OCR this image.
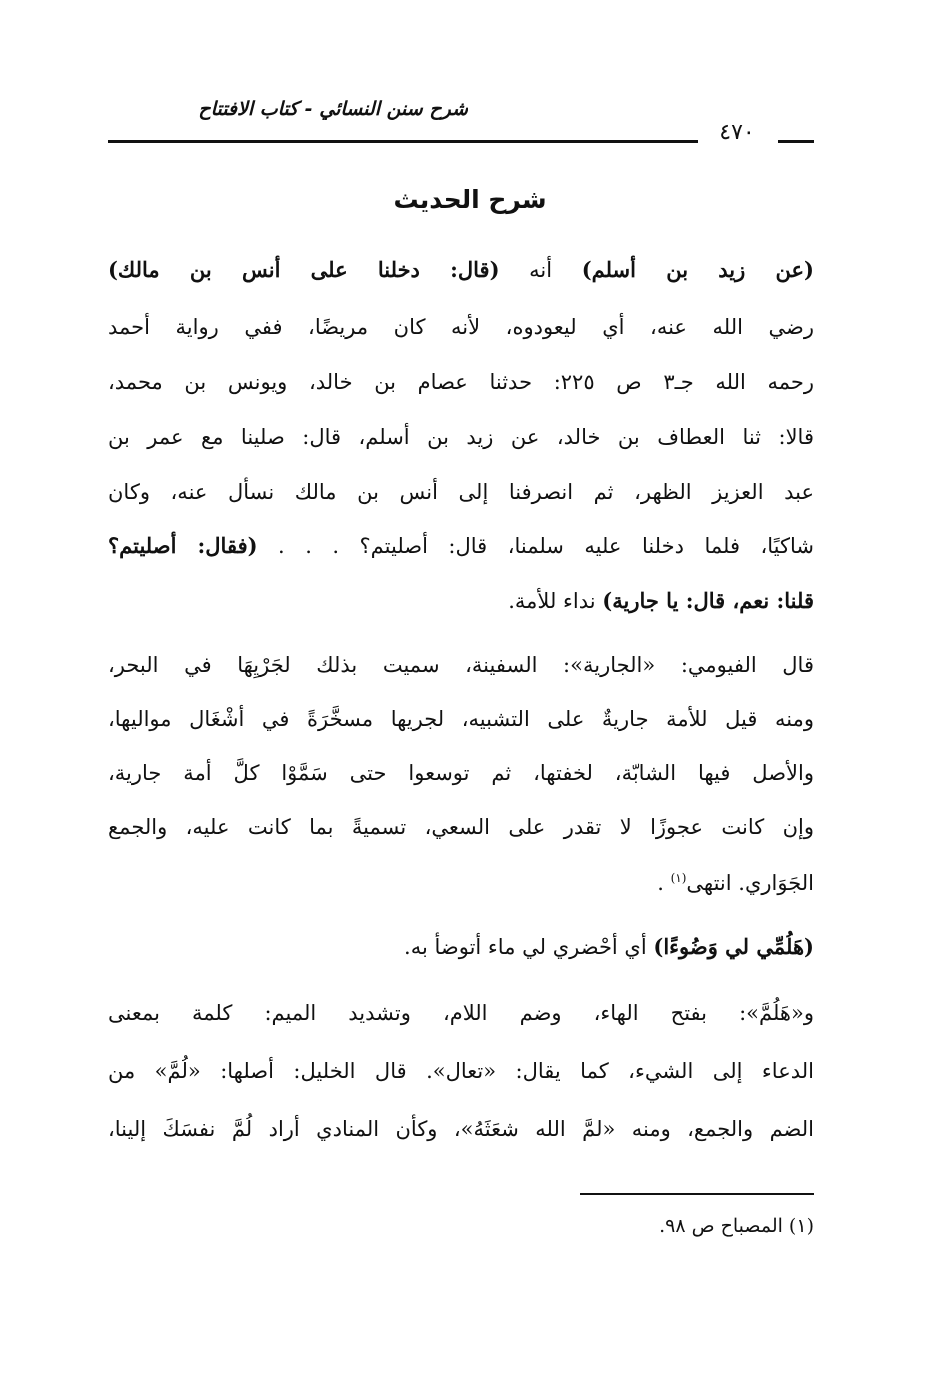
شرح سنن النسائي - كتاب الافتتاح
٤٧٠
شرح الحديث
(عن زيد بن أسلم) أنه (قال: دخلنا على أنس بن مالك)
رضي الله عنه، أي ليعودوه، لأنه كان مريضًا، ففي رواية أحمد
رحمه الله جـ٣ ص ٢٢٥: حدثنا عصام بن خالد، ويونس بن محمد،
قالا: ثنا العطاف بن خالد، عن زيد بن أسلم، قال: صلينا مع عمر بن
عبد العزيز الظهر، ثم انصرفنا إلى أنس بن مالك نسأل عنه، وكان
شاكيًا، فلما دخلنا عليه سلمنا، قال: أصليتم؟ . . . (فقال: أصليتم؟
قلنا: نعم، قال: يا جارية) نداء للأمة.
قال الفيومي: «الجارية»: السفينة، سميت بذلك لجَرْيِهَا في البحر،
ومنه قيل للأمة جاريةٌ على التشبيه، لجريها مسخَّرَةً في أشْغَال مواليها،
والأصل فيها الشابّة، لخفتها، ثم توسعوا حتى سَمَّوْا كلَّ أمة جارية،
وإن كانت عجوزًا لا تقدر على السعي، تسميةً بما كانت عليه، والجمع
الجَوَاري. انتهى$^{(١)}$ .
(هَلُمِّي لي وَضُوءًا) أي أحْضري لي ماء أتوضأ به.
و«هَلُمَّ»: بفتح الهاء، وضم اللام، وتشديد الميم: كلمة بمعنى
الدعاء إلى الشيء، كما يقال: «تعال». قال الخليل: أصلها: «لُمَّ» من
الضم والجمع، ومنه «لمَّ الله شعَثَهُ»، وكأن المنادي أراد لُمَّ نفسَكَ إلينا،
(١) المصباح ص ٩٨.
